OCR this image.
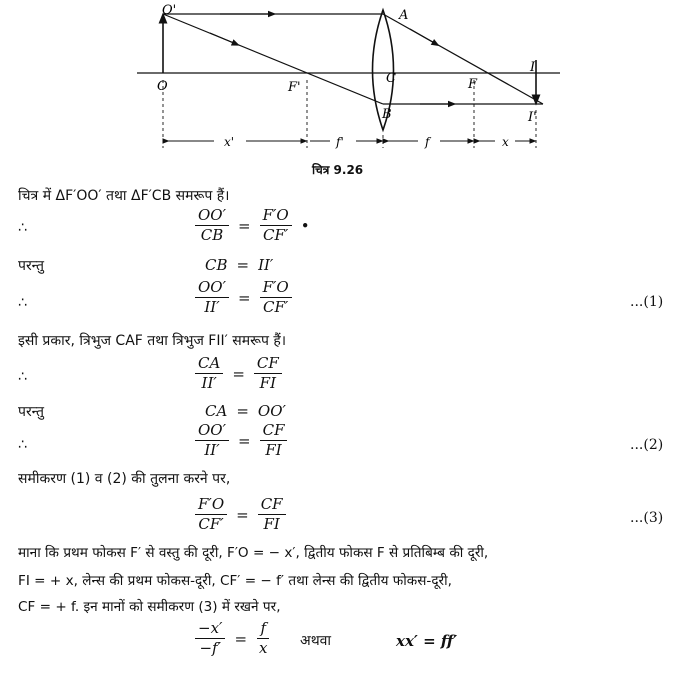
O'	A
O	F'
C	F
I
B	I'
x'	f'	f	x
चित्र 9.26
चित्र में ΔF′OO′ तथा ΔF′CB समरूप हैं।
∴	$\frac{OO'}{CB} = \frac{F'O}{CF'}$ •
परन्तु	CB = II′
∴	$\frac{OO'}{II'} = \frac{F'O}{CF'}$	...(1)
इसी प्रकार, त्रिभुज CAF तथा त्रिभुज FII′ समरूप हैं।
∴	$\frac{CA}{II'} = \frac{CF}{FI}$
परन्तु	CA = OO′
∴	$\frac{OO'}{II'} = \frac{CF}{FI}$	...(2)
समीकरण (1) व (2) की तुलना करने पर,
$\frac{F'O}{CF'} = \frac{CF}{FI}$	...(3)
माना कि प्रथम फोकस F′ से वस्तु की दूरी, F′O = − x′, द्वितीय फोकस F से प्रतिबिम्ब की दूरी,
FI = + x, लेन्स की प्रथम फोकस-दूरी, CF′ = − f′ तथा लेन्स की द्वितीय फोकस-दूरी,
CF = + f. इन मानों को समीकरण (3) में रखने पर,
$\frac{-x'}{-f'} = \frac{f}{x}$ अथवा	xx′ = ff′
